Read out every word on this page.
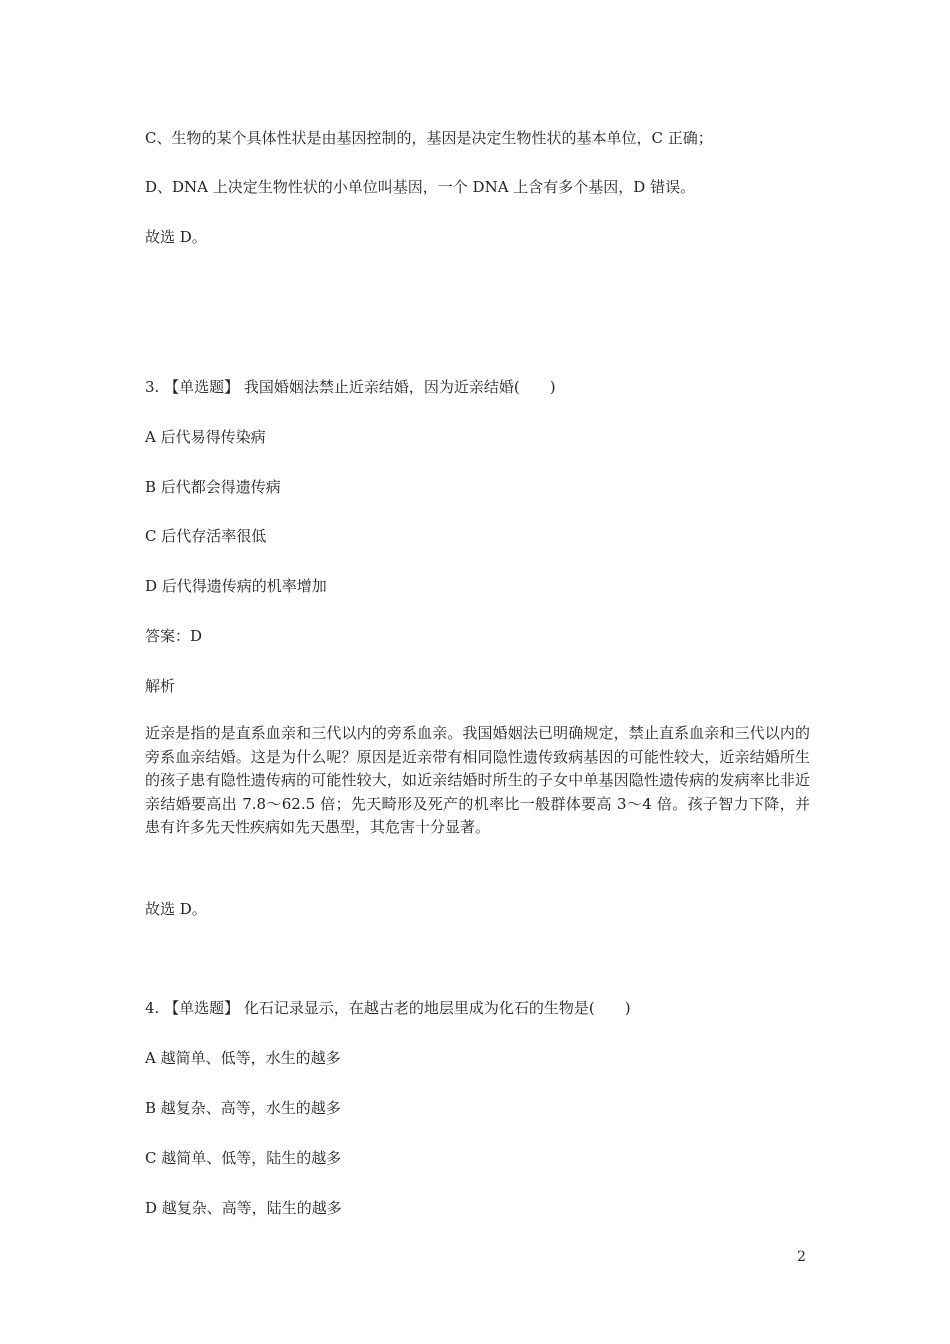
C、生物的某个具体性状是由基因控制的，基因是决定生物性状的基本单位，C 正确；
D、DNA 上决定生物性状的小单位叫基因，一个 DNA 上含有多个基因，D 错误。
故选 D。
3. 【单选题】 我国婚姻法禁止近亲结婚，因为近亲结婚(　　)
A 后代易得传染病
B 后代都会得遗传病
C 后代存活率很低
D 后代得遗传病的机率增加
答案：D
解析
近亲是指的是直系血亲和三代以内的旁系血亲。我国婚姻法已明确规定，禁止直系血亲和三代以内的旁系血亲结婚。这是为什么呢？原因是近亲带有相同隐性遗传致病基因的可能性较大，近亲结婚所生的孩子患有隐性遗传病的可能性较大，如近亲结婚时所生的子女中单基因隐性遗传病的发病率比非近亲结婚要高出 7.8～62.5 倍；先天畸形及死产的机率比一般群体要高 3～4 倍。孩子智力下降，并患有许多先天性疾病如先天愚型，其危害十分显著。
故选 D。
4. 【单选题】 化石记录显示，在越古老的地层里成为化石的生物是(　　)
A 越简单、低等，水生的越多
B 越复杂、高等，水生的越多
C 越简单、低等，陆生的越多
D 越复杂、高等，陆生的越多
2
